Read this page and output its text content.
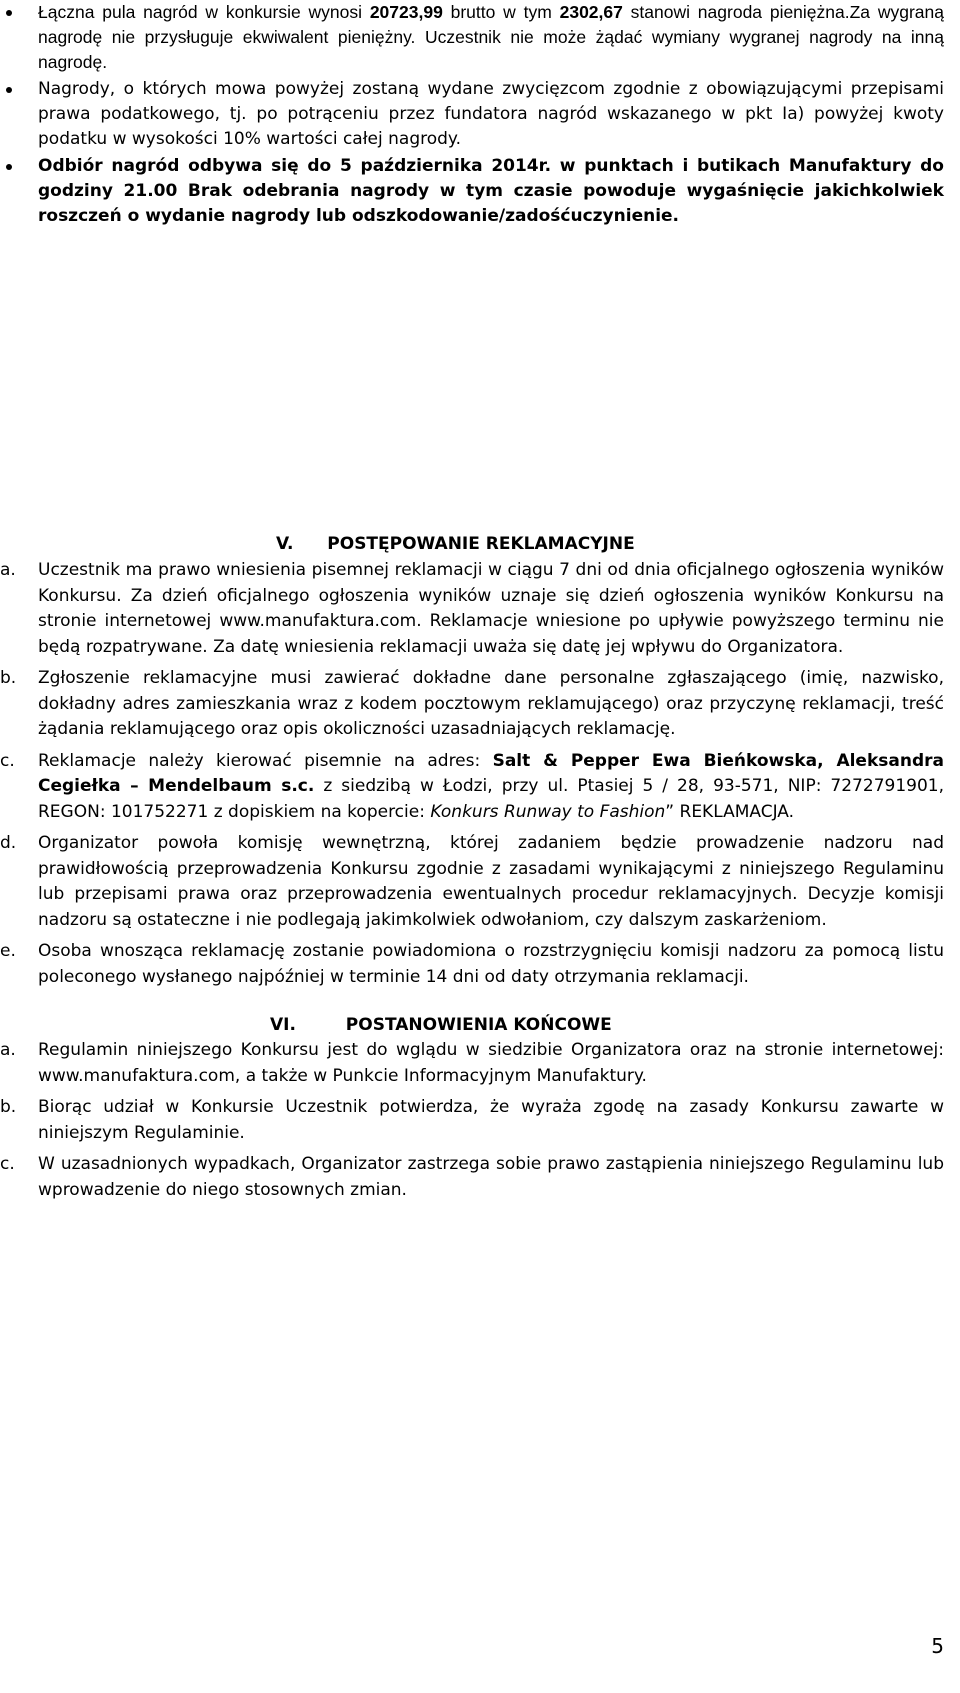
Łączna pula nagród w konkursie wynosi 20723,99 brutto w tym 2302,67 stanowi nagroda pieniężna.Za wygraną nagrodę nie przysługuje ekwiwalent pieniężny. Uczestnik nie może żądać wymiany wygranej nagrody na inną nagrodę.
Nagrody, o których mowa powyżej zostaną wydane zwycięzcom zgodnie z obowiązującymi przepisami prawa podatkowego, tj. po potrąceniu przez fundatora nagród wskazanego w pkt Ia) powyżej kwoty podatku w wysokości 10% wartości całej nagrody.
Odbiór nagród odbywa się do 5 października 2014r. w punktach i butikach Manufaktury do godziny 21.00 Brak odebrania nagrody w tym czasie powoduje wygaśnięcie jakichkolwiek roszczeń o wydanie nagrody lub odszkodowanie/zadośćuczynienie.
V. POSTĘPOWANIE REKLAMACYJNE
a. Uczestnik ma prawo wniesienia pisemnej reklamacji w ciągu 7 dni od dnia oficjalnego ogłoszenia wyników Konkursu. Za dzień oficjalnego ogłoszenia wyników uznaje się dzień ogłoszenia wyników Konkursu na stronie internetowej www.manufaktura.com. Reklamacje wniesione po upływie powyższego terminu nie będą rozpatrywane. Za datę wniesienia reklamacji uważa się datę jej wpływu do Organizatora.
b. Zgłoszenie reklamacyjne musi zawierać dokładne dane personalne zgłaszającego (imię, nazwisko, dokładny adres zamieszkania wraz z kodem pocztowym reklamującego) oraz przyczynę reklamacji, treść żądania reklamującego oraz opis okoliczności uzasadniających reklamację.
c. Reklamacje należy kierować pisemnie na adres: Salt & Pepper Ewa Bieńkowska, Aleksandra Cegiełka – Mendelbaum s.c. z siedzibą w Łodzi, przy ul. Ptasiej 5 / 28, 93-571, NIP: 7272791901, REGON: 101752271 z dopiskiem na kopercie: Konkurs Runway to Fashion” REKLAMACJA.
d. Organizator powoła komisję wewnętrzną, której zadaniem będzie prowadzenie nadzoru nad prawidłowością przeprowadzenia Konkursu zgodnie z zasadami wynikającymi z niniejszego Regulaminu lub przepisami prawa oraz przeprowadzenia ewentualnych procedur reklamacyjnych. Decyzje komisji nadzoru są ostateczne i nie podlegają jakimkolwiek odwołaniom, czy dalszym zaskarżeniom.
e. Osoba wnosząca reklamację zostanie powiadomiona o rozstrzygnięciu komisji nadzoru za pomocą listu poleconego wysłanego najpóźniej w terminie 14 dni od daty otrzymania reklamacji.
VI.	POSTANOWIENIA KOŃCOWE
a. Regulamin niniejszego Konkursu jest do wglądu w siedzibie Organizatora oraz na stronie internetowej: www.manufaktura.com, a także w Punkcie Informacyjnym Manufaktury.
b. Biorąc udział w Konkursie Uczestnik potwierdza, że wyraża zgodę na zasady Konkursu zawarte w niniejszym Regulaminie.
c. W uzasadnionych wypadkach, Organizator zastrzega sobie prawo zastąpienia niniejszego Regulaminu lub wprowadzenie do niego stosownych zmian.
5
